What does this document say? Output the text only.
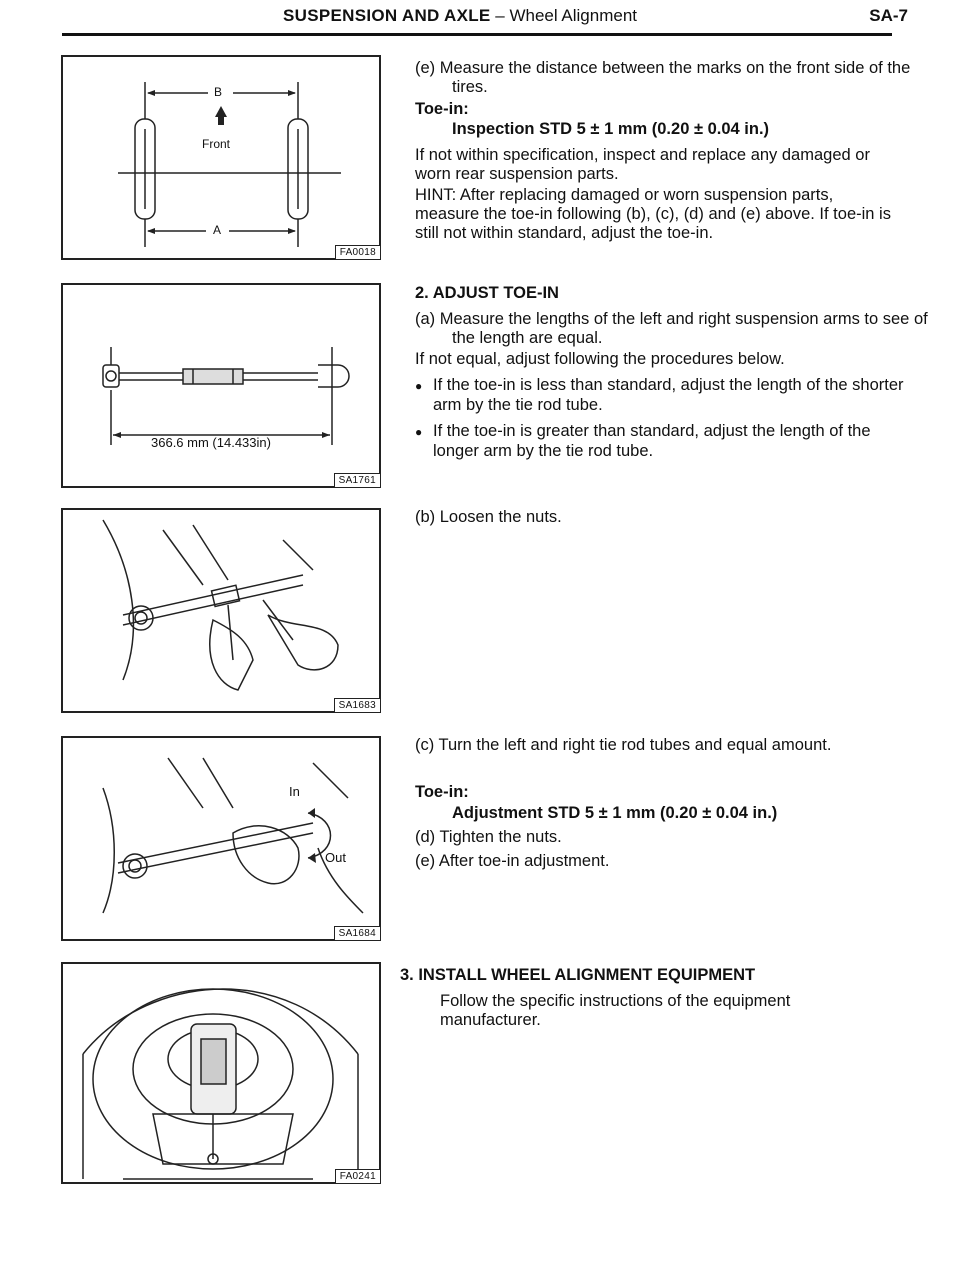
SUSPENSION AND AXLE – Wheel Alignment	SA-7
B
Front
A
FA0018
366.6 mm (14.433in)
SA1761
SA1683
In
Out
SA1684
FA0241
(e) Measure the distance between the marks on the front side of the tires.
Toe-in:
Inspection STD 5 ± 1 mm (0.20 ± 0.04 in.)
If not within specification, inspect and replace any damaged or worn rear suspension parts.
HINT: After replacing damaged or worn suspension parts, measure the toe-in following (b), (c), (d) and (e) above. If toe-in is still not within standard, adjust the toe-in.
2. ADJUST TOE-IN
(a) Measure the lengths of the left and right suspension arms to see of the length are equal.
If not equal, adjust following the procedures below.
● If the toe-in is less than standard, adjust the length of the shorter arm by the tie rod tube.
● If the toe-in is greater than standard, adjust the length of the longer arm by the tie rod tube.
(b) Loosen the nuts.
(c) Turn the left and right tie rod tubes and equal amount.
Toe-in:
Adjustment STD 5 ± 1 mm (0.20 ± 0.04 in.)
(d) Tighten the nuts.
(e) After toe-in adjustment.
3. INSTALL WHEEL ALIGNMENT EQUIPMENT
Follow the specific instructions of the equipment manufacturer.
